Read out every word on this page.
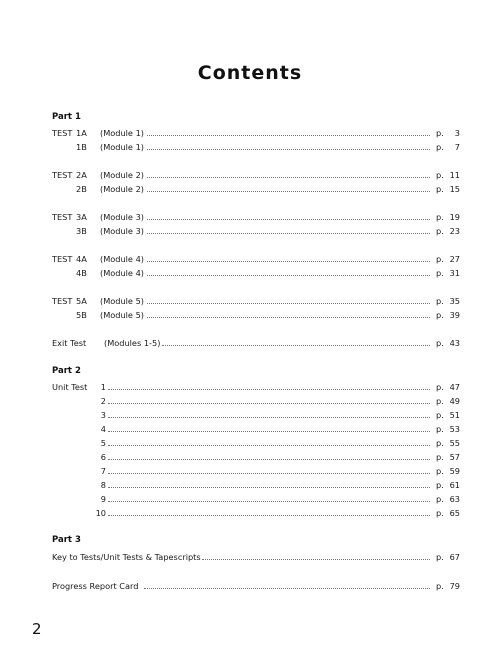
Contents
Part 1
TEST 1A	(Module 1)	p.	3
1B	(Module 1)	p.	7
TEST 2A	(Module 2)	p. 11
2B	(Module 2)	p. 15
TEST 3A	(Module 3)	p. 19
3B	(Module 3)	p. 23
TEST 4A	(Module 4)	p. 27
4B	(Module 4)	p. 31
TEST 5A	(Module 5)	p. 35
5B	(Module 5)	p. 39
Exit Test (Modules 1-5)	p. 43
Part 2
Unit Test	1	p. 47
2	p. 49
3	p. 51
4	p. 53
5	p. 55
6	p. 57
7	p. 59
8	p. 61
9	p. 63
10	p. 65
Part 3
Key to Tests/Unit Tests & Tapescripts	p. 67
Progress Report Card	p. 79
2
